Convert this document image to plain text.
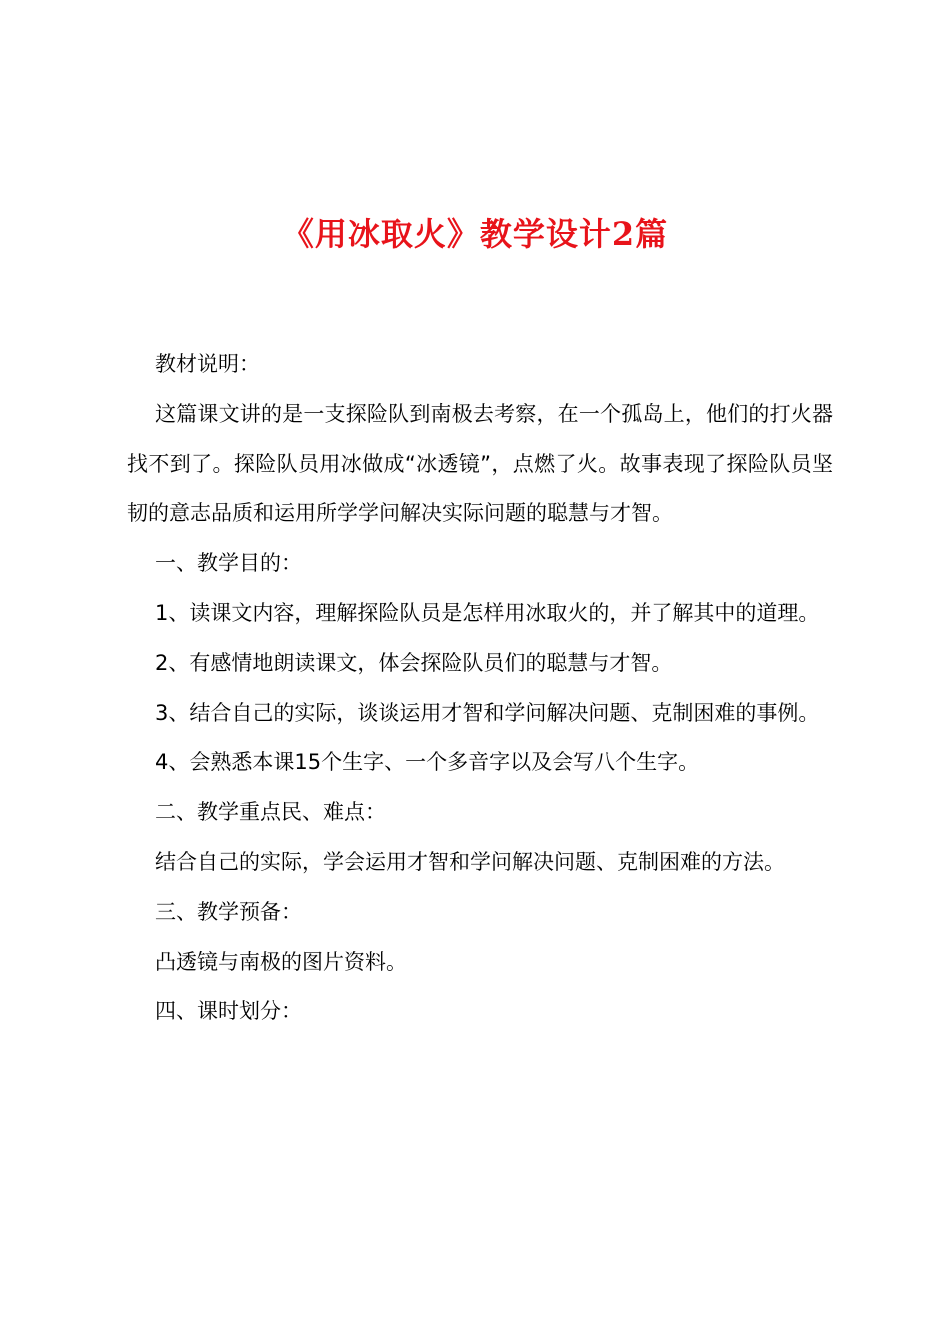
《用冰取火》教学设计2篇

教材说明：

这篇课文讲的是一支探险队到南极去考察，在一个孤岛上，他们的打火器找不到了。探险队员用冰做成“冰透镜”，点燃了火。故事表现了探险队员坚韧的意志品质和运用所学学问解决实际问题的聪慧与才智。

一、教学目的：

1、读课文内容，理解探险队员是怎样用冰取火的，并了解其中的道理。

2、有感情地朗读课文，体会探险队员们的聪慧与才智。

3、结合自己的实际，谈谈运用才智和学问解决问题、克制困难的事例。

4、会熟悉本课15个生字、一个多音字以及会写八个生字。

二、教学重点民、难点：

结合自己的实际，学会运用才智和学问解决问题、克制困难的方法。

三、教学预备：

凸透镜与南极的图片资料。

四、课时划分：
